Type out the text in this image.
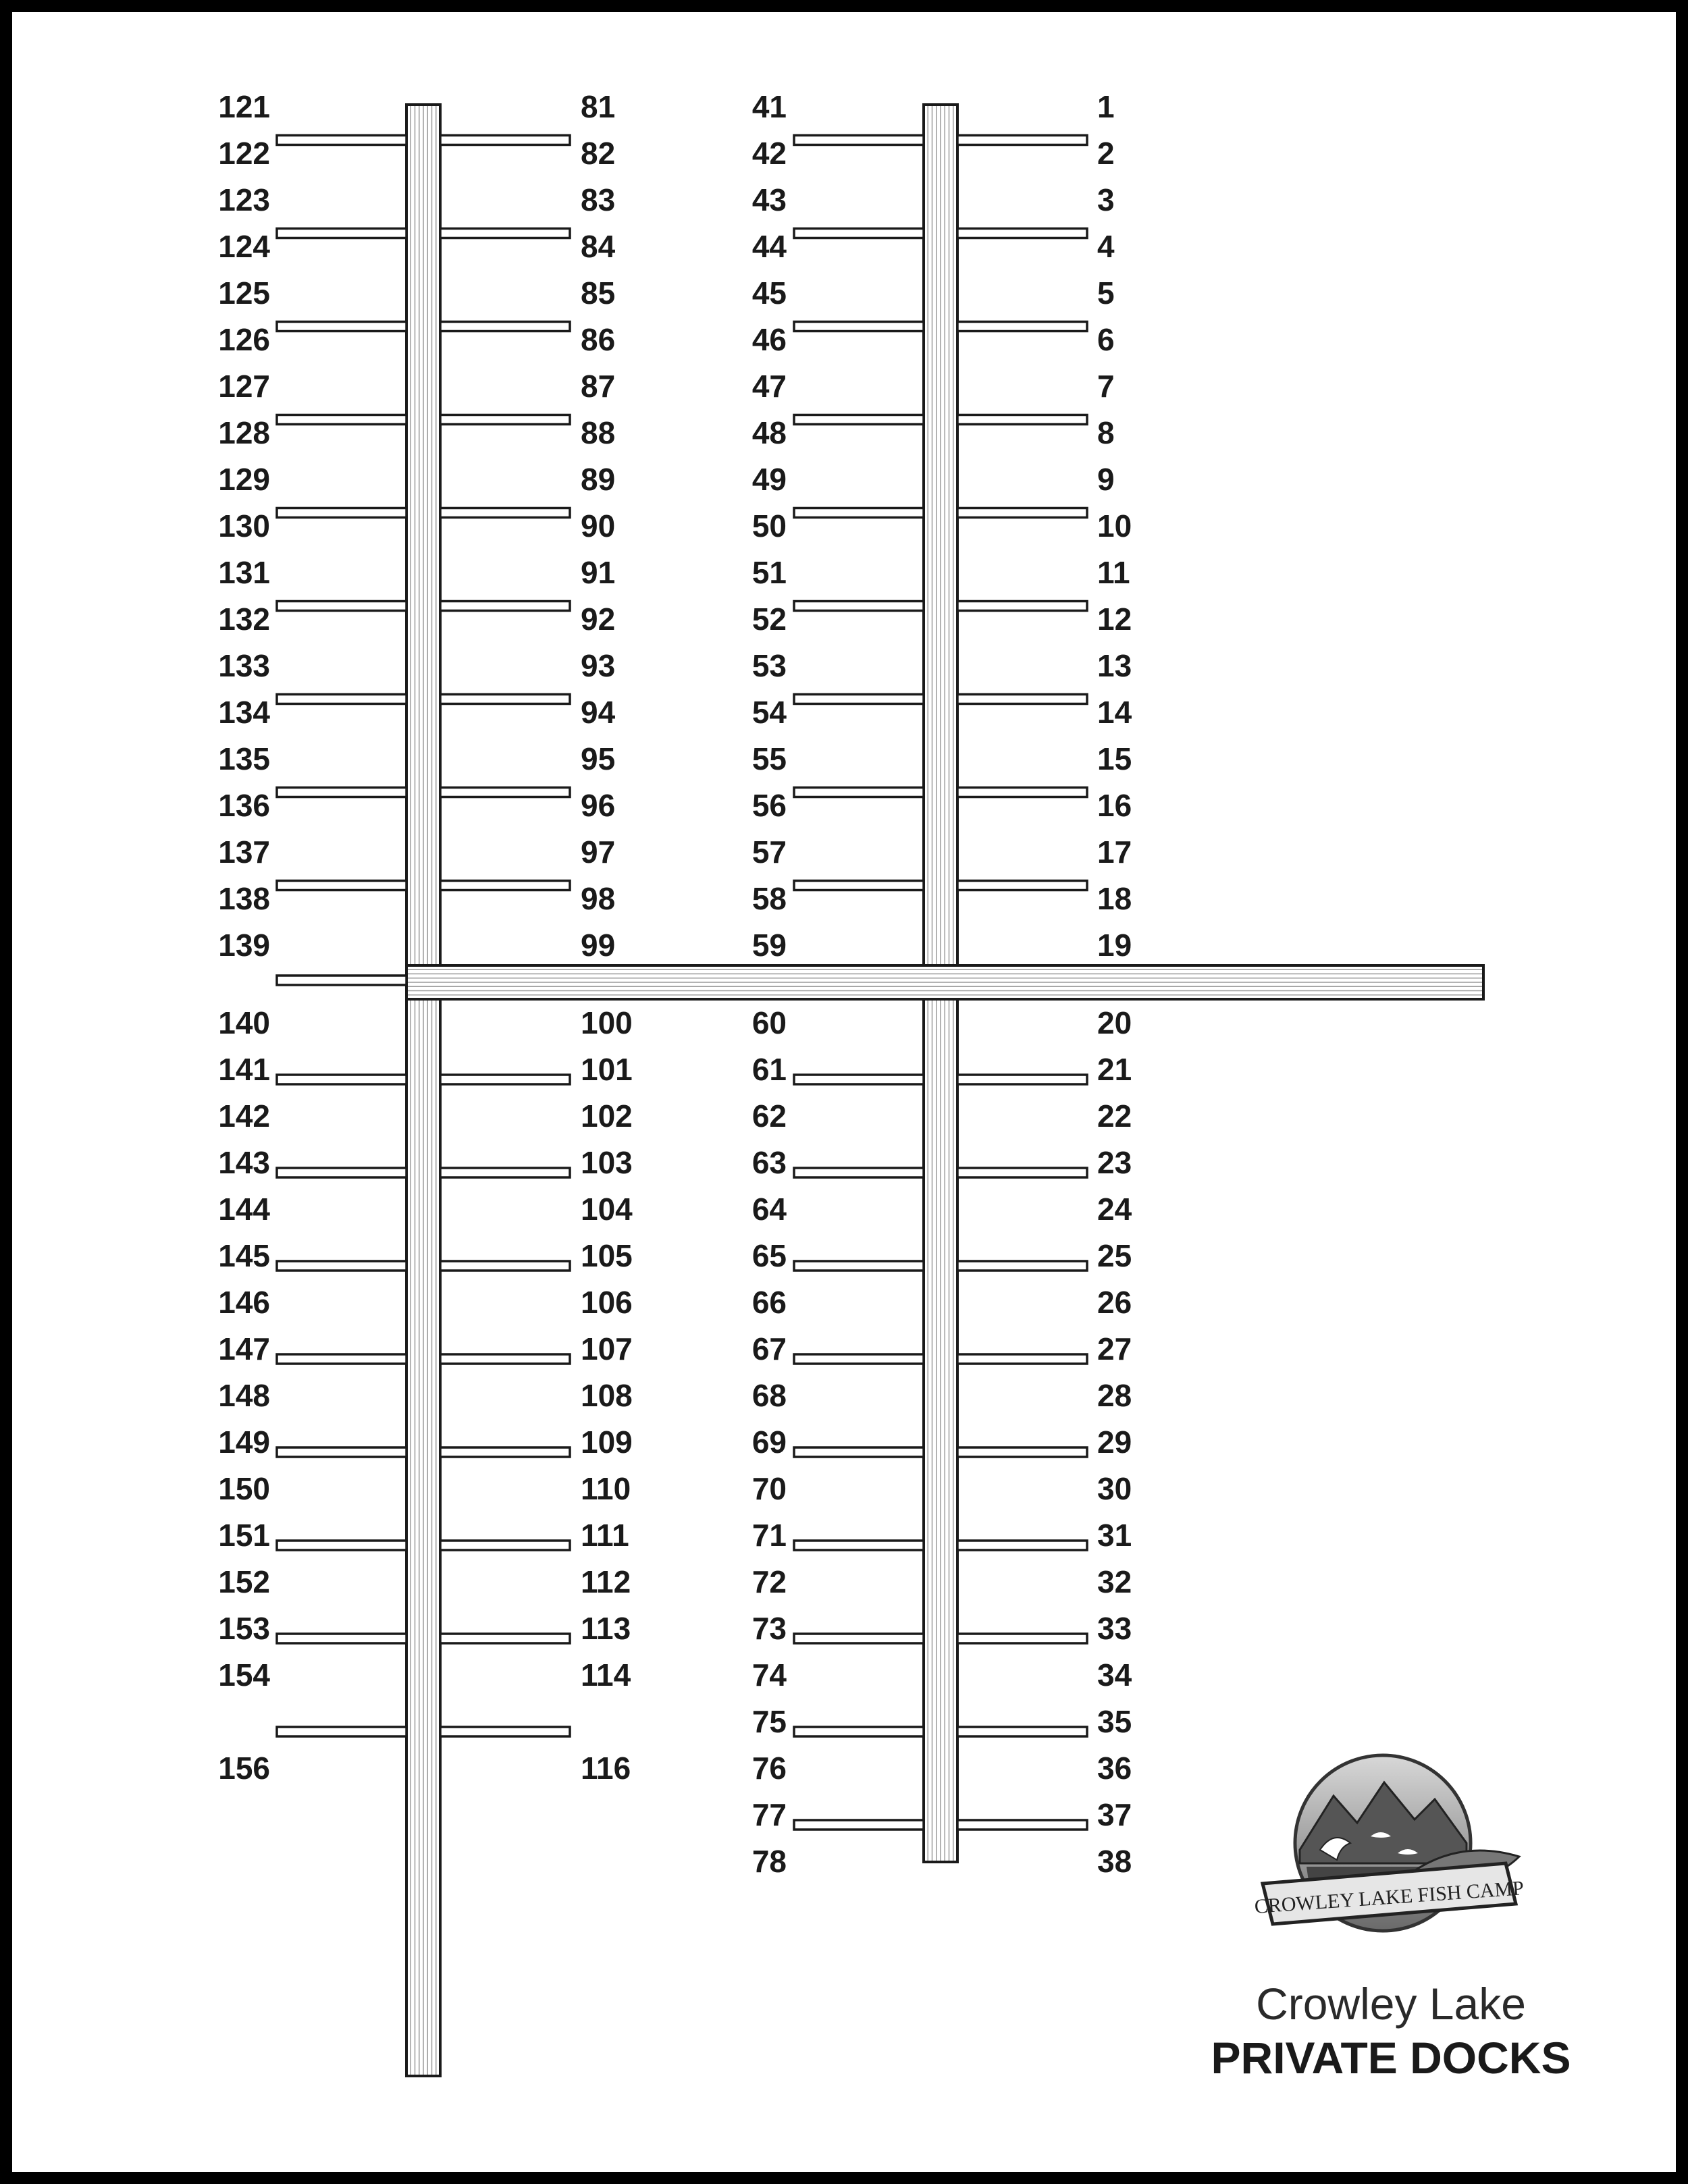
121
122
123
124
125
126
127
128
129
130
131
132
133
134
135
136
137
138
139
81
82
83
84
85
86
87
88
89
90
91
92
93
94
95
96
97
98
99
140
141
142
143
144
145
146
147
148
149
150
151
152
153
154
156
100
101
102
103
104
105
106
107
108
109
110
111
112
113
114
116
41
42
43
44
45
46
47
48
49
50
51
52
53
54
55
56
57
58
59
1
2
3
4
5
6
7
8
9
10
11
12
13
14
15
16
17
18
19
60
61
62
63
64
65
66
67
68
69
70
71
72
73
74
75
76
77
78
20
21
22
23
24
25
26
27
28
29
30
31
32
33
34
35
36
37
38
CROWLEY LAKE FISH CAMP
Crowley Lake
PRIVATE DOCKS
